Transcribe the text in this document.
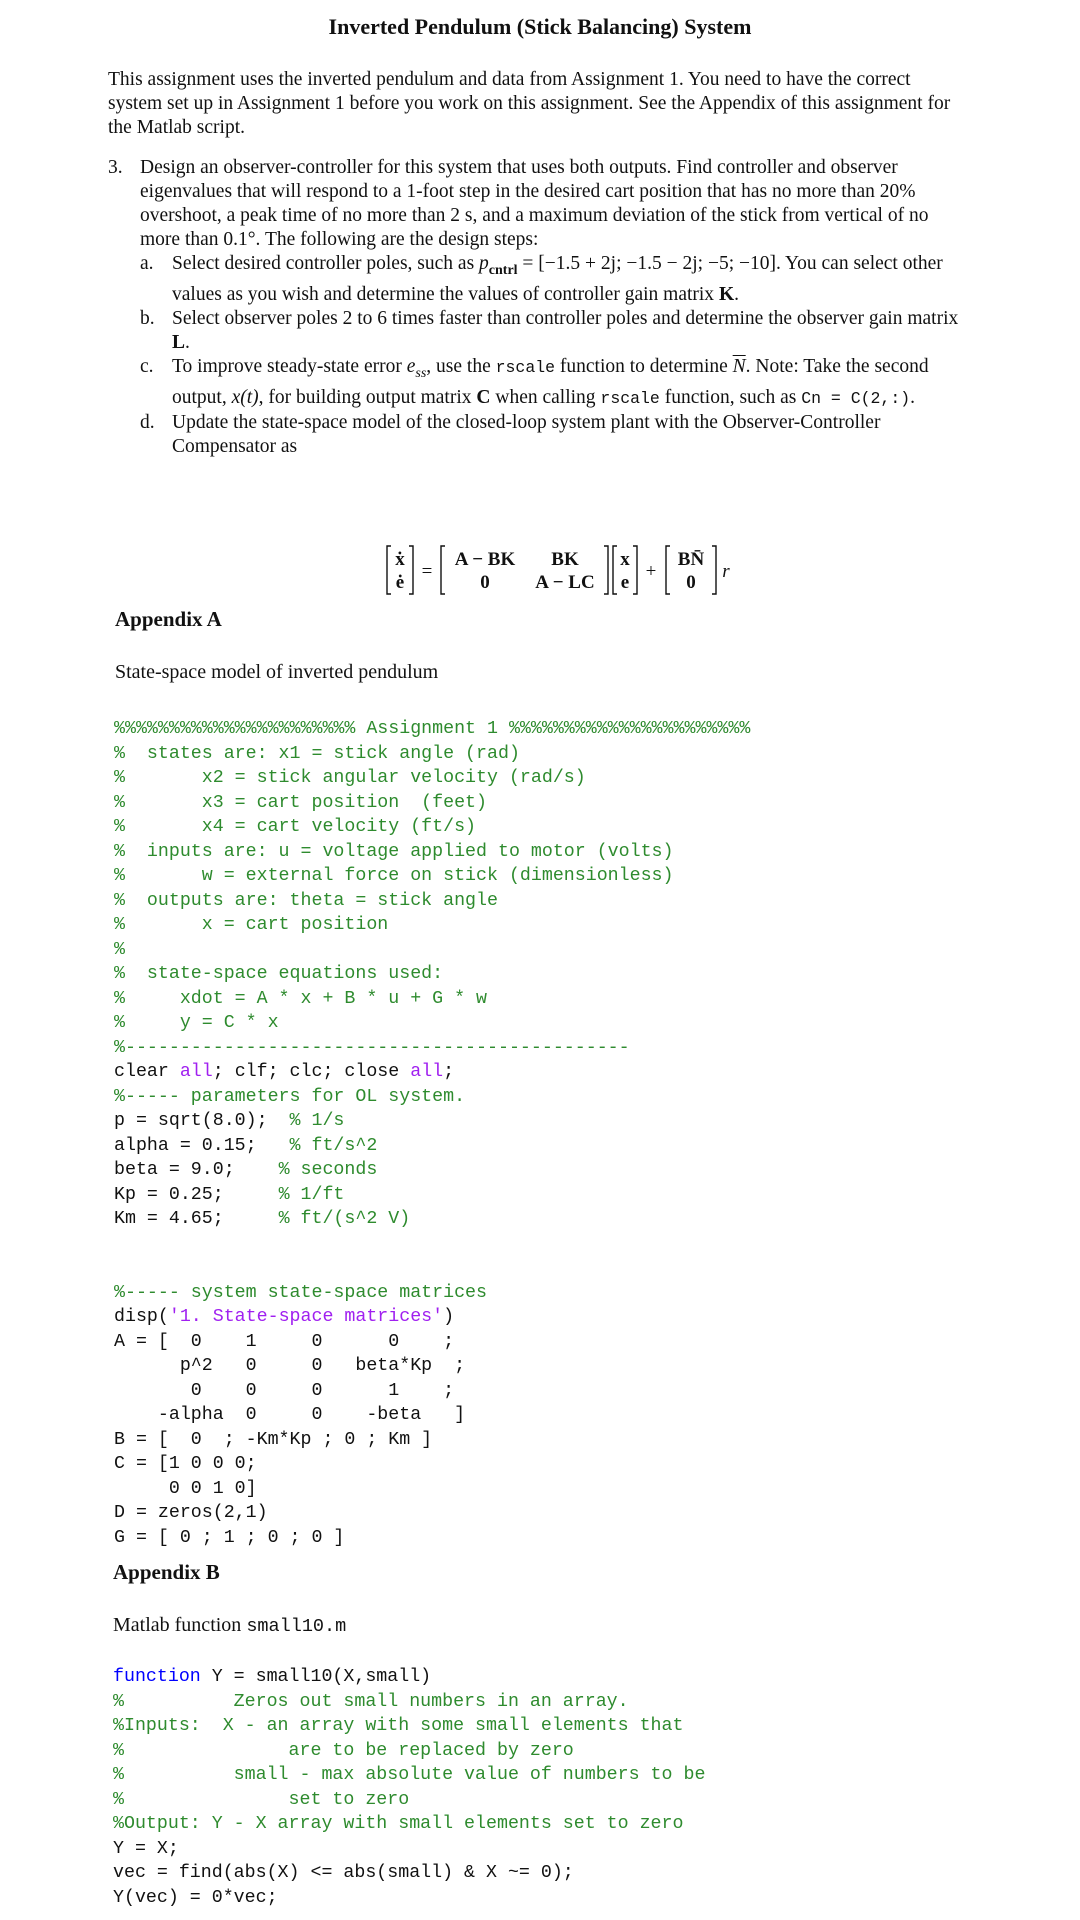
Inverted Pendulum (Stick Balancing) System

This assignment uses the inverted pendulum and data from Assignment 1. You need to have the correct system set up in Assignment 1 before you work on this assignment. See the Appendix of this assignment for the Matlab script.

3. Design an observer-controller for this system that uses both outputs. Find controller and observer eigenvalues that will respond to a 1-foot step in the desired cart position that has no more than 20% overshoot, a peak time of no more than 2 s, and a maximum deviation of the stick from vertical of no more than 0.1°. The following are the design steps:
a. Select desired controller poles, such as $p_{cntrl} = [-1.5 + 2j$; −1.5 − 2j; −5; −10]. You can select other values as you wish and determine the values of controller gain matrix K.
b. Select observer poles 2 to 6 times faster than controller poles and determine the observer gain matrix L.
c. To improve steady-state error $e_{ss}$, use the rscale function to determine $\overline{N}$. Note: Take the second output, x(t), for building output matrix C when calling rscale function, such as Cn = C(2,:).
d. Update the state-space model of the closed-loop system plant with the Observer-Controller Compensator as
ẋ
ė
=
A − BK BK
0 A − LC
x
e
+
BN̄
0
r
Appendix A

State-space model of inverted pendulum

%%%%%%%%%%%%%%%%%%%%%% Assignment 1 %%%%%%%%%%%%%%%%%%%%%%
%  states are: x1 = stick angle (rad)
%       x2 = stick angular velocity (rad/s)
%       x3 = cart position  (feet)
%       x4 = cart velocity (ft/s)
%  inputs are: u = voltage applied to motor (volts)
%       w = external force on stick (dimensionless)
%  outputs are: theta = stick angle
%       x = cart position
%
%  state-space equations used:
%     xdot = A * x + B * u + G * w
%     y = C * x
%----------------------------------------------
clear all; clf; clc; close all;
%----- parameters for OL system.
p = sqrt(8.0);  % 1/s
alpha = 0.15;   % ft/s^2
beta = 9.0;    % seconds
Kp = 0.25;	% 1/ft
Km = 4.65;	% ft/(s^2 V)

%----- system state-space matrices
disp('1. State-space matrices')
A = [  0    1     0      0    ;
p^2   0     0   beta*Kp  ;
0    0     0      1    ;
-alpha  0     0    -beta   ]
B = [  0  ; -Km*Kp ; 0 ; Km ]
C = [1 0 0 0;
0 0 1 0]
D = zeros(2,1)
G = [ 0 ; 1 ; 0 ; 0 ]
Appendix B

Matlab function small10.m

function Y = small10(X,small)
%          Zeros out small numbers in an array.
%Inputs:  X - an array with some small elements that
%               are to be replaced by zero
%          small - max absolute value of numbers to be
%               set to zero
%Output: Y - X array with small elements set to zero
Y = X;
vec = find(abs(X) <= abs(small) & X ~= 0);
Y(vec) = 0*vec;
